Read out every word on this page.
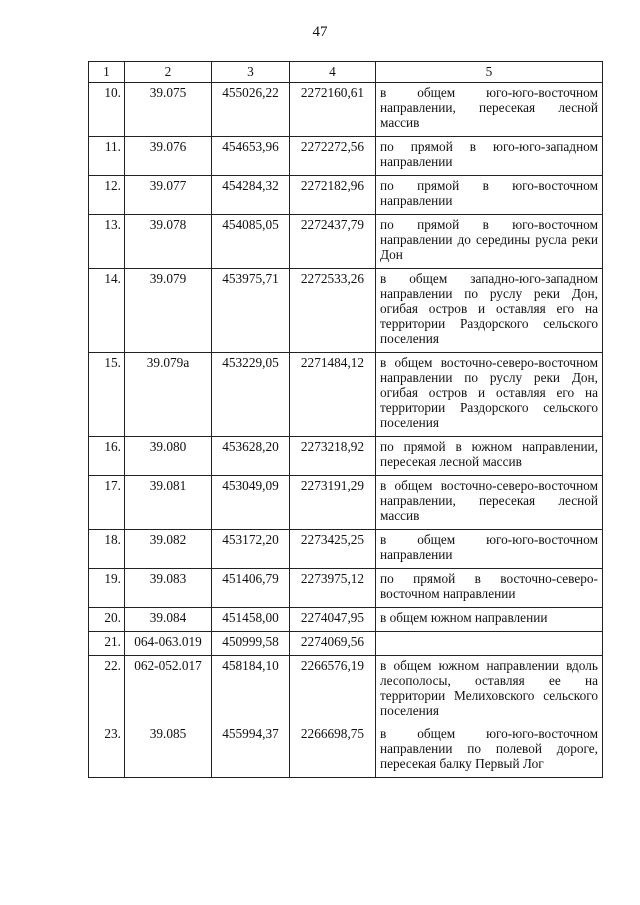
47
1	2	3	4	5
10.	39.075	455026,22	2272160,61	в общем юго-юго-восточном направлении, пересекая лесной массив
11.	39.076	454653,96	2272272,56	по прямой в юго-юго-западном направлении
12.	39.077	454284,32	2272182,96	по прямой в юго-восточном направлении
13.	39.078	454085,05	2272437,79	по прямой в юго-восточном направлении до середины русла реки Дон
14.	39.079	453975,71	2272533,26	в общем западно-юго-западном направлении по руслу реки Дон, огибая остров и оставляя его на территории Раздорского сельского поселения
15.	39.079а	453229,05	2271484,12	в общем восточно-северо-восточном направлении по руслу реки Дон, огибая остров и оставляя его на территории Раздорского сельского поселения
16.	39.080	453628,20	2273218,92	по прямой в южном направлении, пересекая лесной массив
17.	39.081	453049,09	2273191,29	в общем восточно-северо-восточном направлении, пересекая лесной массив
18.	39.082	453172,20	2273425,25	в общем юго-юго-восточном направлении
19.	39.083	451406,79	2273975,12	по прямой в восточно-северо-восточном направлении
20.	39.084	451458,00	2274047,95	в общем южном направлении
21.	064-063.019	450999,58	2274069,56	
22.	062-052.017	458184,10	2266576,19	в общем южном направлении вдоль лесополосы, оставляя ее на территории Мелиховского сельского поселения
23.	39.085	455994,37	2266698,75	в общем юго-юго-восточном направлении по полевой дороге, пересекая балку Первый Лог
